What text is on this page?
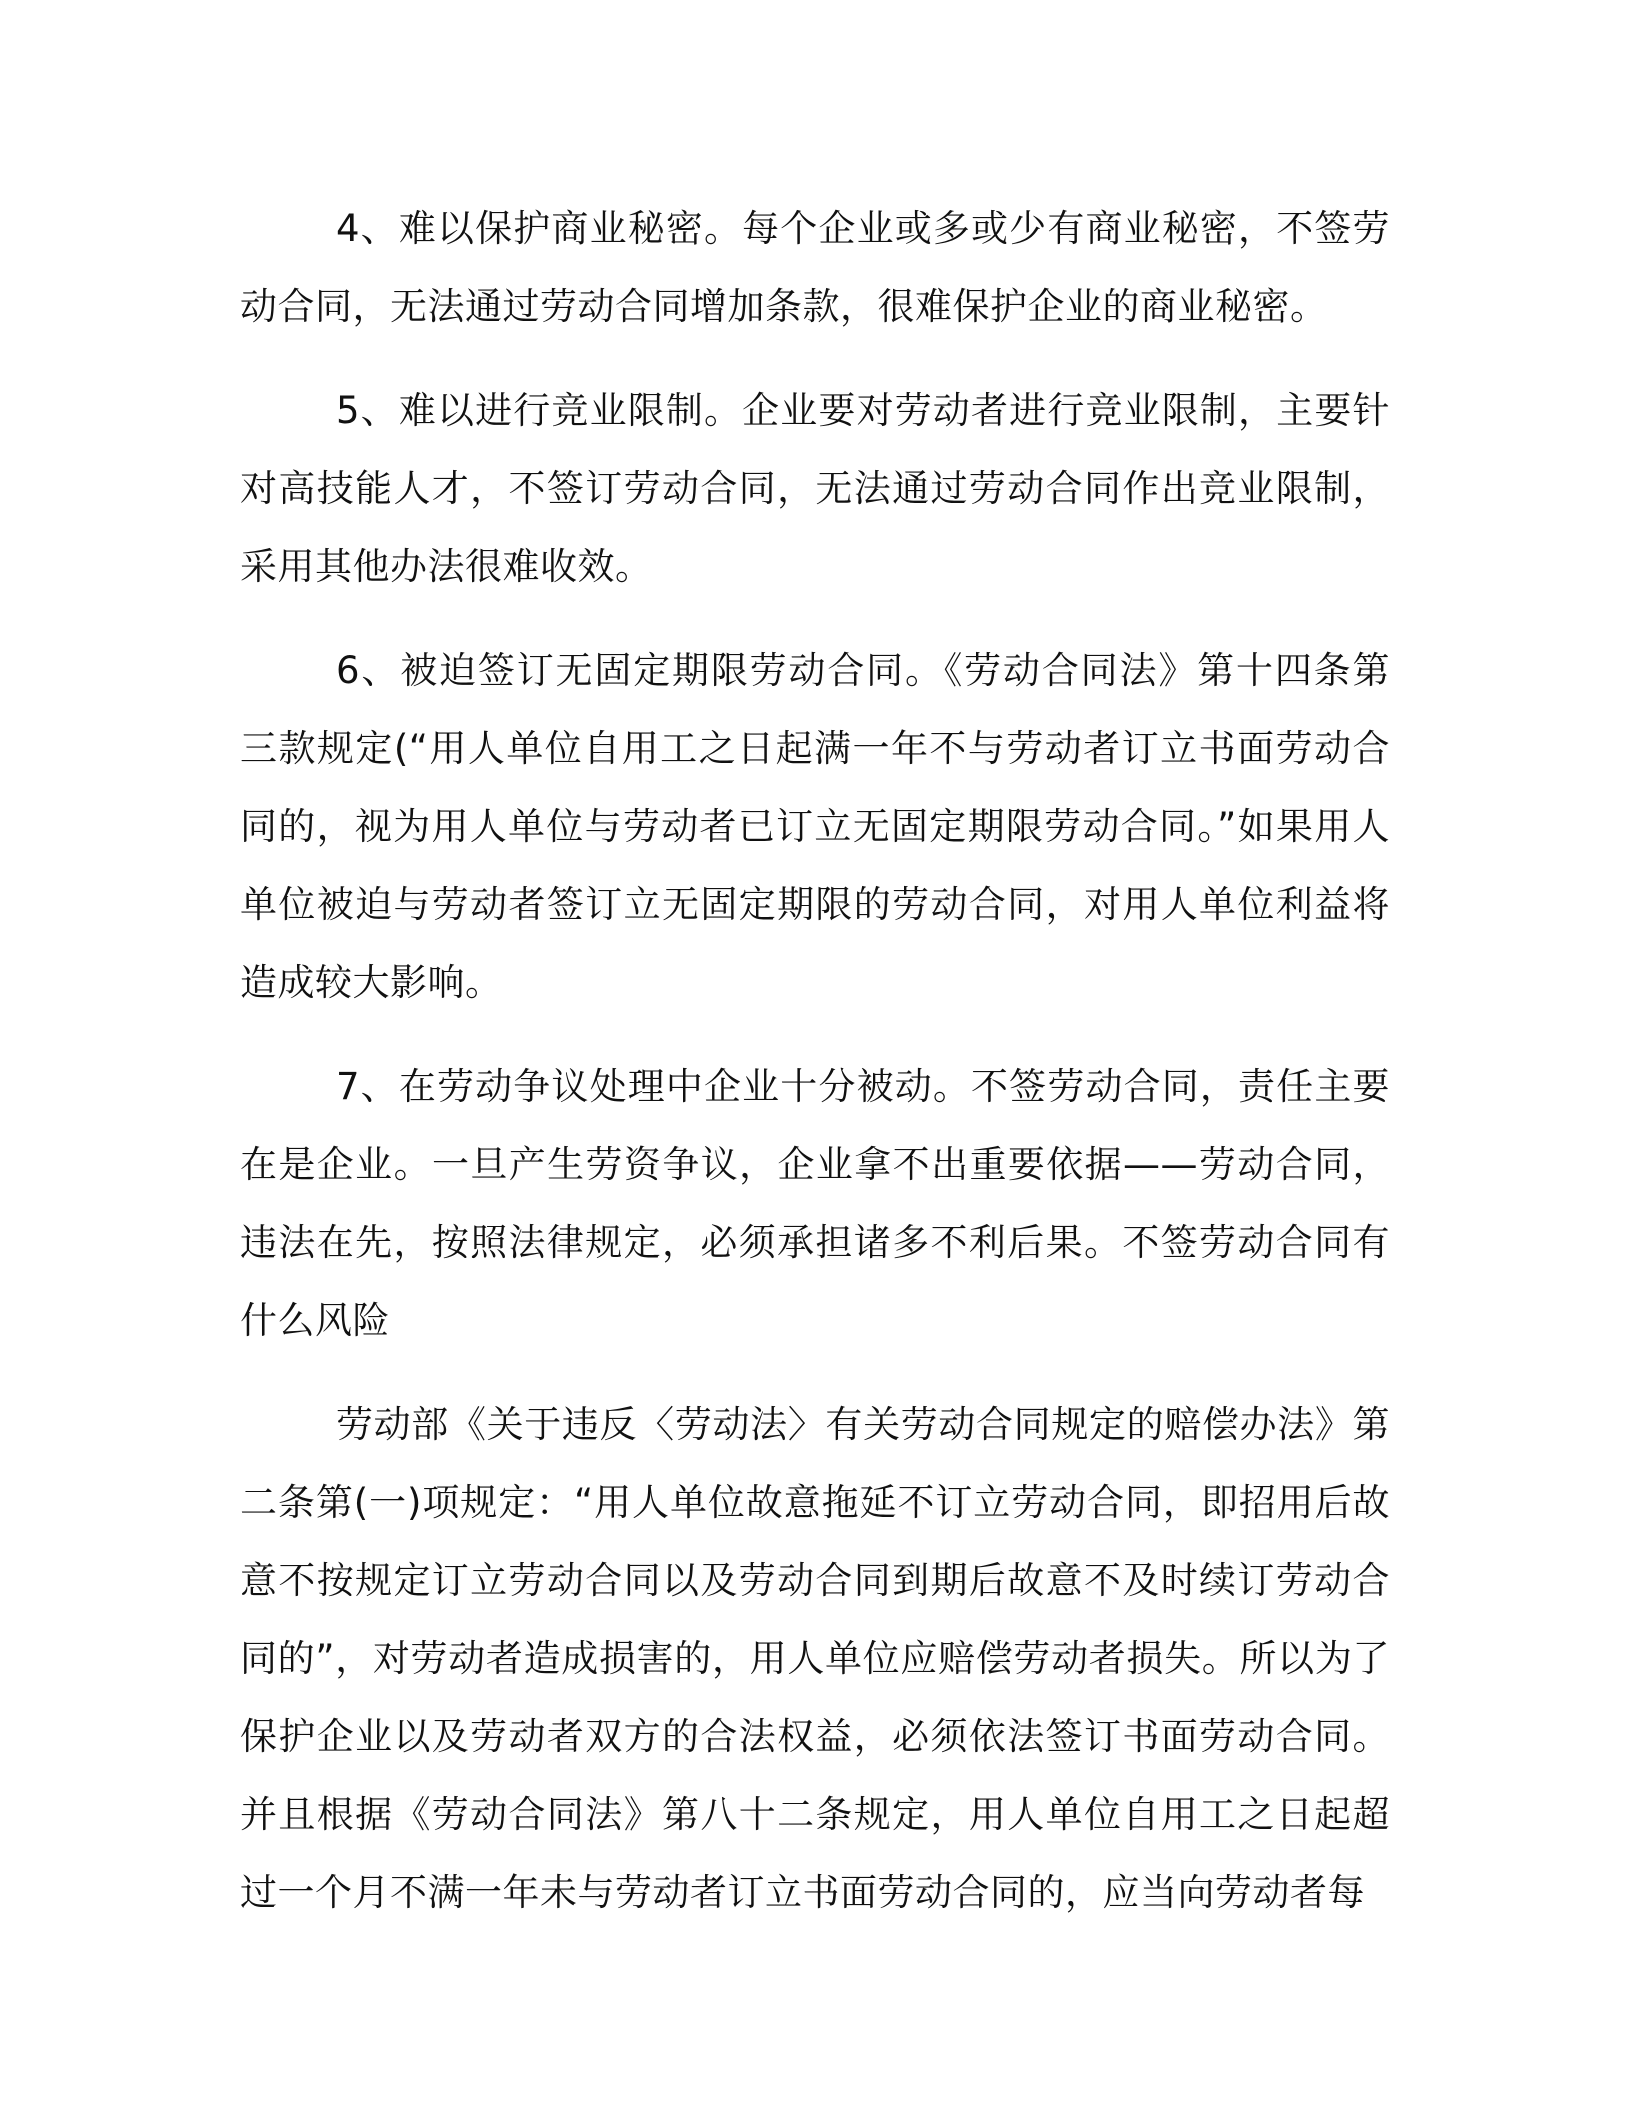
4、难以保护商业秘密。每个企业或多或少有商业秘密，不签劳动合同，无法通过劳动合同增加条款，很难保护企业的商业秘密。

5、难以进行竞业限制。企业要对劳动者进行竞业限制，主要针对高技能人才，不签订劳动合同，无法通过劳动合同作出竞业限制，采用其他办法很难收效。

6、被迫签订无固定期限劳动合同。《劳动合同法》第十四条第三款规定(“用人单位自用工之日起满一年不与劳动者订立书面劳动合同的，视为用人单位与劳动者已订立无固定期限劳动合同。”如果用人单位被迫与劳动者签订立无固定期限的劳动合同，对用人单位利益将造成较大影响。

7、在劳动争议处理中企业十分被动。不签劳动合同，责任主要在是企业。一旦产生劳资争议，企业拿不出重要依据——劳动合同，违法在先，按照法律规定，必须承担诸多不利后果。不签劳动合同有什么风险

劳动部《关于违反〈劳动法〉有关劳动合同规定的赔偿办法》第二条第(一)项规定：“用人单位故意拖延不订立劳动合同，即招用后故意不按规定订立劳动合同以及劳动合同到期后故意不及时续订劳动合同的”，对劳动者造成损害的，用人单位应赔偿劳动者损失。所以为了保护企业以及劳动者双方的合法权益，必须依法签订书面劳动合同。并且根据《劳动合同法》第八十二条规定，用人单位自用工之日起超过一个月不满一年未与劳动者订立书面劳动合同的，应当向劳动者每
